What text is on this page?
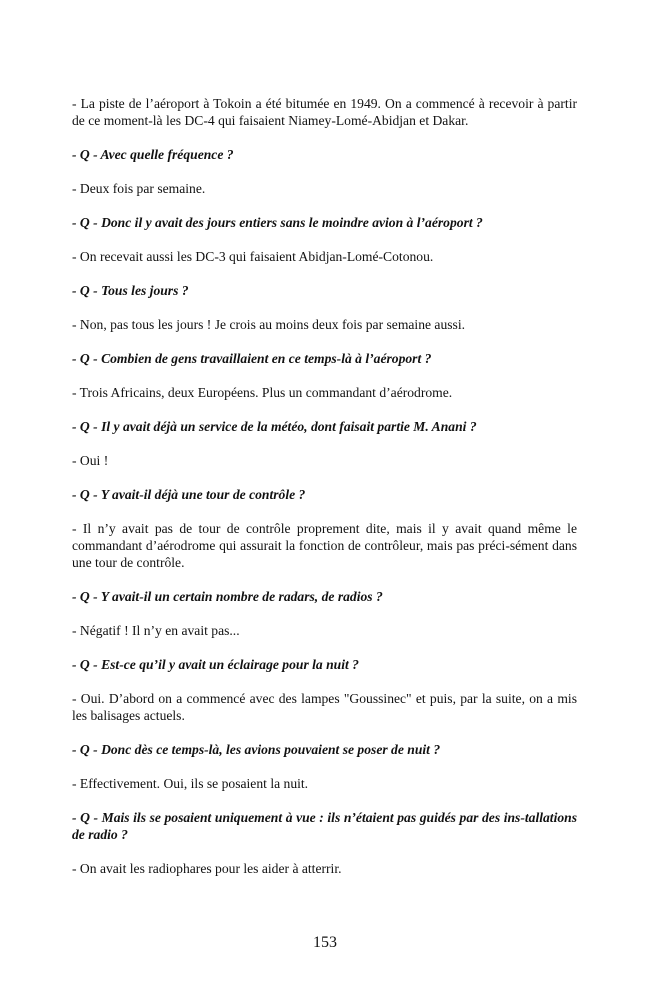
- La piste de l’aéroport à Tokoin a été bitumée en 1949. On a commencé à recevoir à partir de ce moment-là les DC-4 qui faisaient Niamey-Lomé-Abidjan et Dakar.

- Q - Avec quelle fréquence ?

- Deux fois par semaine.

- Q - Donc il y avait des jours entiers sans le moindre avion à l’aéroport ?

- On recevait aussi les DC-3 qui faisaient Abidjan-Lomé-Cotonou.

- Q - Tous les jours ?

- Non, pas tous les jours ! Je crois au moins deux fois par semaine aussi.

- Q - Combien de gens travaillaient en ce temps-là à l’aéroport ?

- Trois Africains, deux Européens. Plus un commandant d’aérodrome.

- Q - Il y avait déjà un service de la météo, dont faisait partie M. Anani ?

- Oui !

- Q - Y avait-il déjà une tour de contrôle ?

- Il n’y avait pas de tour de contrôle proprement dite, mais il y avait quand même le commandant d’aérodrome qui assurait la fonction de contrôleur, mais pas préci-sément dans une tour de contrôle.

- Q - Y avait-il un certain nombre de radars, de radios ?

- Négatif ! Il n’y en avait pas...

- Q - Est-ce qu’il y avait un éclairage pour la nuit ?

- Oui. D’abord on a commencé avec des lampes "Goussinec" et puis, par la suite, on a mis les balisages actuels.

- Q - Donc dès ce temps-là, les avions pouvaient se poser de nuit ?

- Effectivement. Oui, ils se posaient la nuit.

- Q - Mais ils se posaient uniquement à vue : ils n’étaient pas guidés par des ins-tallations de radio ?

- On avait les radiophares pour les aider à atterrir.

153
